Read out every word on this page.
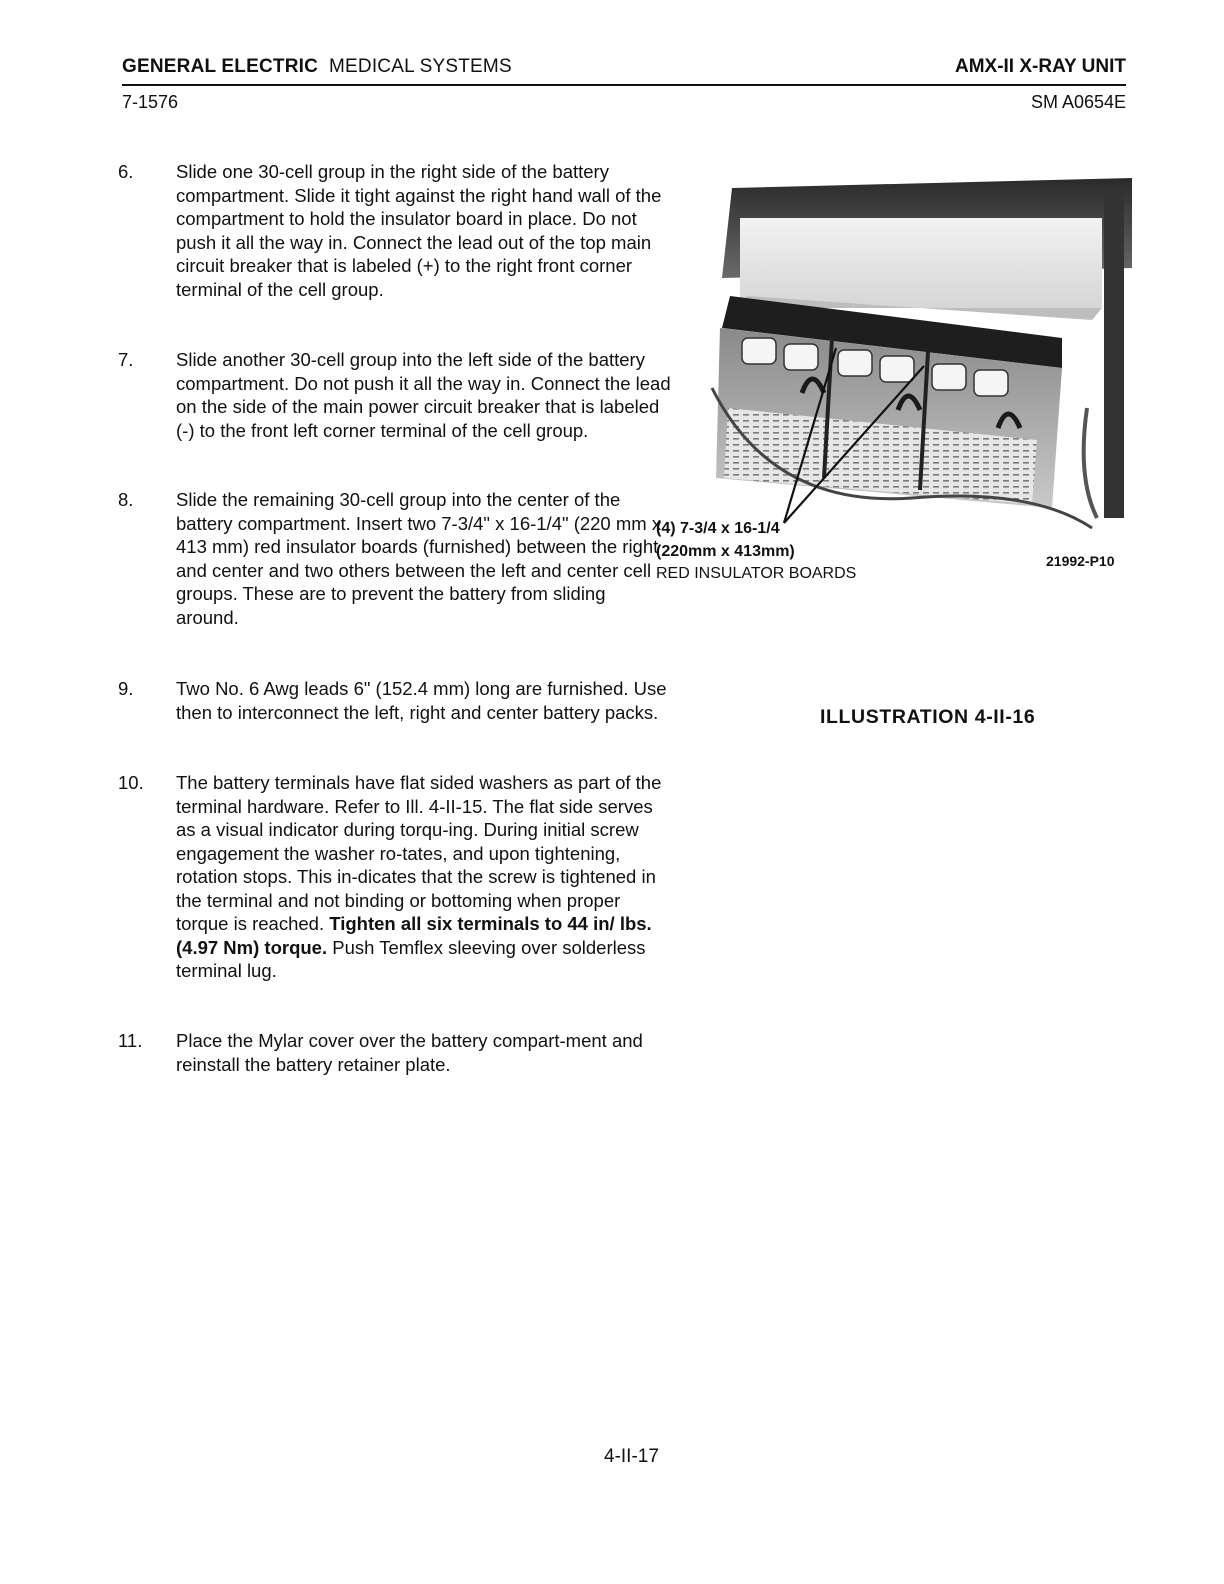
GENERAL ELECTRIC MEDICAL SYSTEMS	AMX-II X-RAY UNIT
7-1576	SM A0654E
6.	Slide one 30-cell group in the right side of the battery compartment. Slide it tight against the right hand wall of the compartment to hold the insulator board in place. Do not push it all the way in. Connect the lead out of the top main circuit breaker that is labeled (+) to the right front corner terminal of the cell group.
7.	Slide another 30-cell group into the left side of the battery compartment. Do not push it all the way in. Connect the lead on the side of the main power circuit breaker that is labeled (-) to the front left corner terminal of the cell group.
8.	Slide the remaining 30-cell group into the center of the battery compartment. Insert two 7-3/4" x 16-1/4" (220 mm x 413 mm) red insulator boards (furnished) between the right and center and two others between the left and center cell groups. These are to prevent the battery from sliding around.
9.	Two No. 6 Awg leads 6" (152.4 mm) long are furnished. Use then to interconnect the left, right and center battery packs.
10.	The battery terminals have flat sided washers as part of the terminal hardware. Refer to Ill. 4-II-15. The flat side serves as a visual indicator during torqu-ing. During initial screw engagement the washer ro-tates, and upon tightening, rotation stops. This in-dicates that the screw is tightened in the terminal and not binding or bottoming when proper torque is reached. Tighten all six terminals to 44 in/ lbs. (4.97 Nm) torque. Push Temflex sleeving over solderless terminal lug.
11.	Place the Mylar cover over the battery compart-ment and reinstall the battery retainer plate.
(4) 7-3/4 x 16-1/4
(220mm x 413mm)
RED INSULATOR BOARDS
21992-P10
ILLUSTRATION 4-II-16
4-II-17
